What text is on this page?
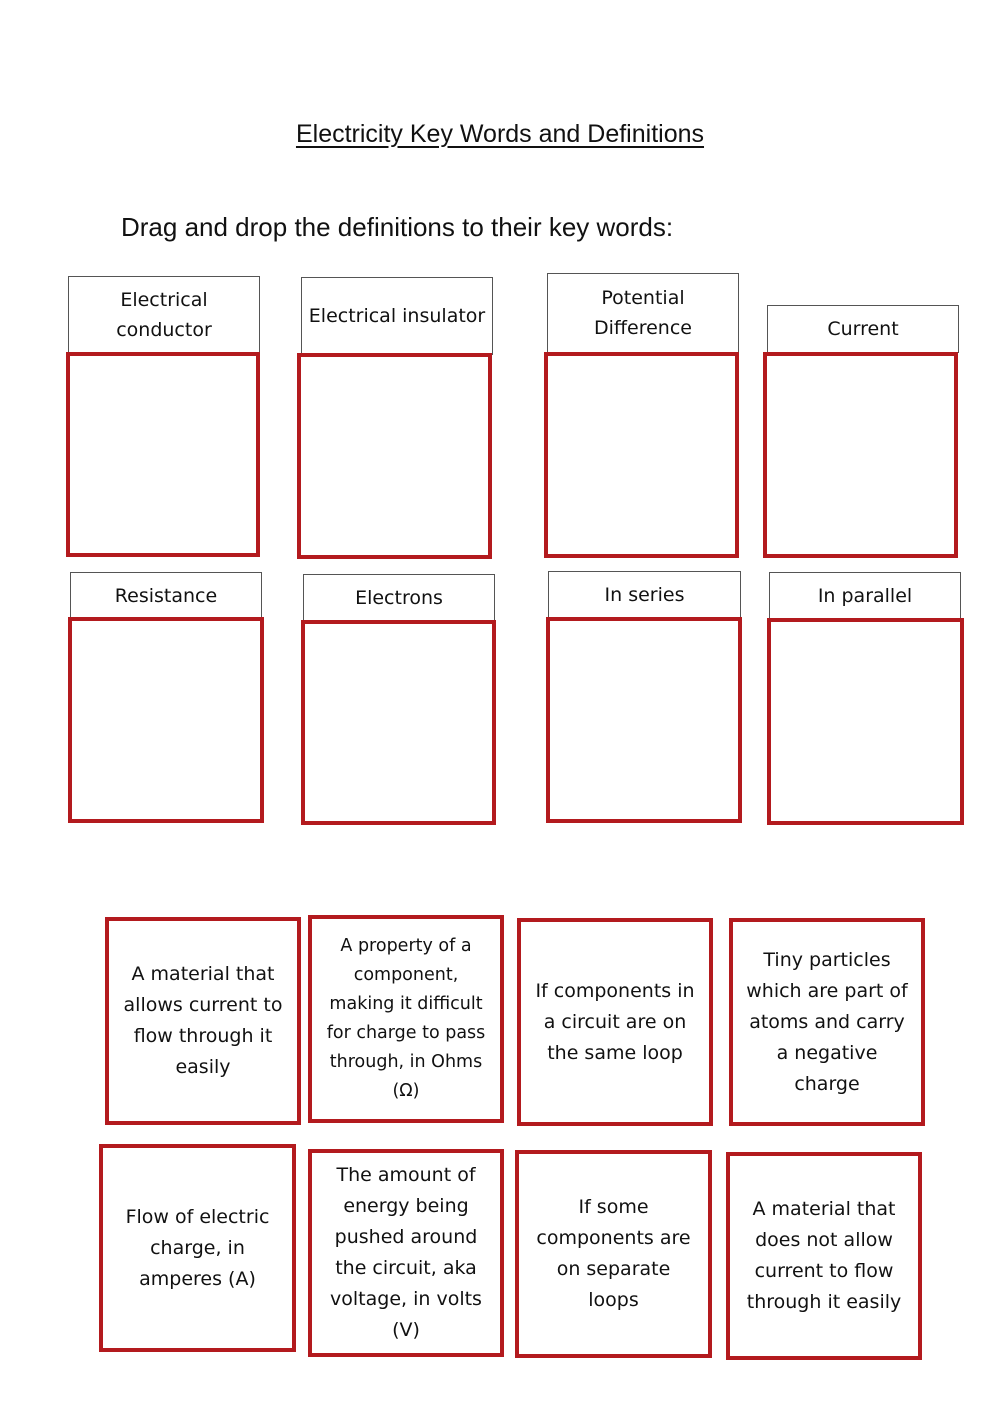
Electricity Key Words and Definitions
Drag and drop the definitions to their key words:
Electrical conductor
Electrical insulator
Potential Difference	Current
Resistance	Electrons	In series	In parallel
A material that allows current to flow through it easily
A property of a component, making it difficult for charge to pass through, in Ohms (Ω)
If components in a circuit are on the same loop
Tiny particles which are part of atoms and carry a negative charge
Flow of electric charge, in amperes (A)
The amount of energy being pushed around the circuit, aka voltage, in volts (V)
If some components are on separate loops
A material that does not allow current to flow through it easily
